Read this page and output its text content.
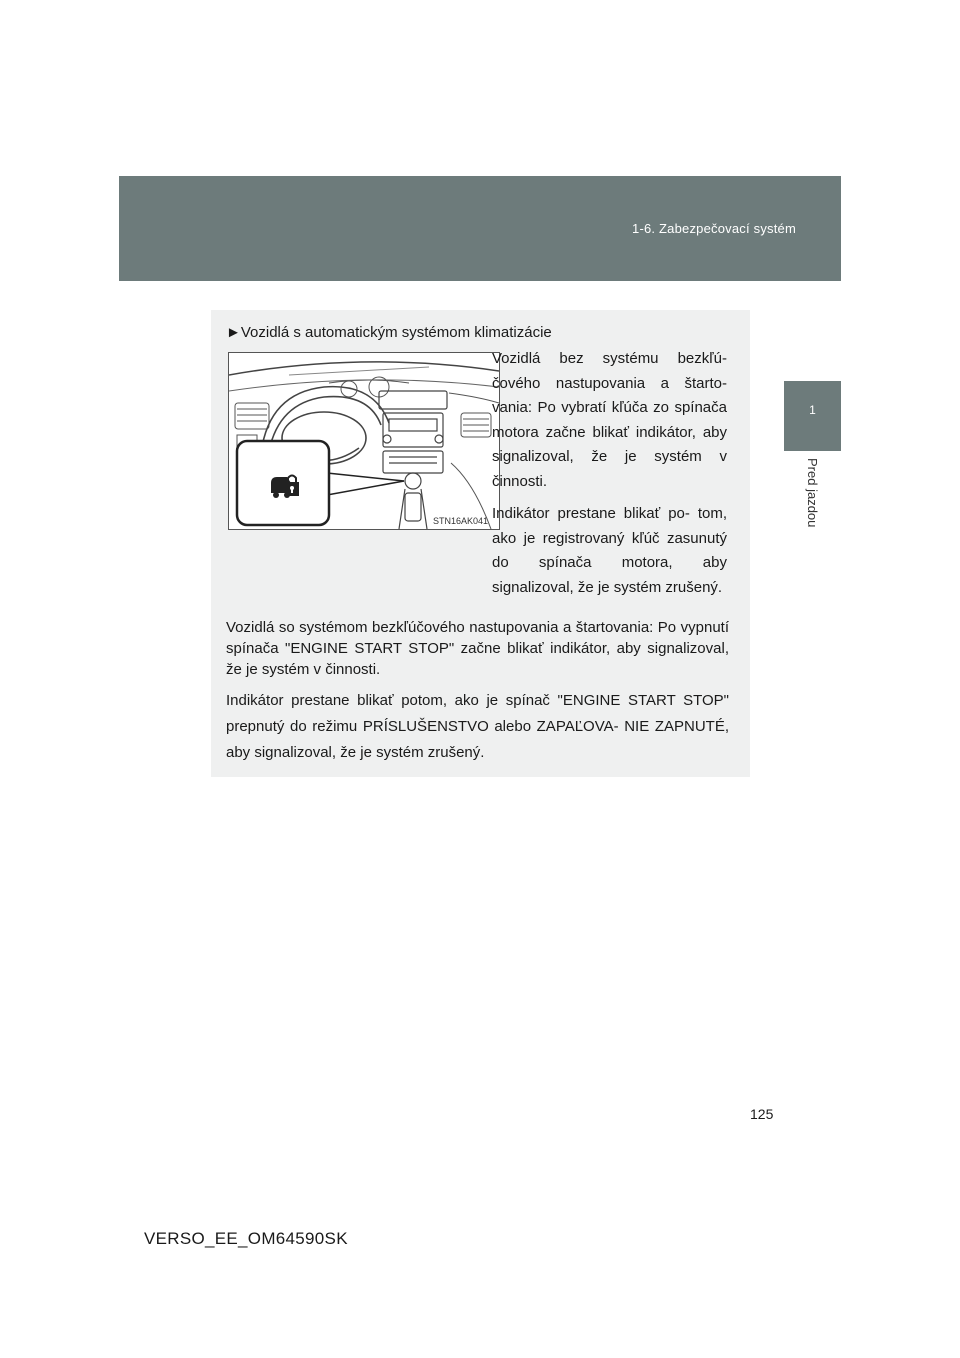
1-6. Zabezpečovací systém
1
Pred jazdou
►Vozidlá s automatickým systémom klimatizácie
STN16AK041

Vozidlá bez systému bezkľú- čového nastupovania a štarto- vania: Po vybratí kľúča zo spínača motora začne blikať indikátor, aby signalizoval, že je systém v činnosti.

Indikátor prestane blikať po- tom, ako je registrovaný kľúč zasunutý do spínača motora, aby signalizoval, že je systém zrušený.

Vozidlá so systémom bezkľúčového nastupovania a štartovania: Po vypnutí spínača "ENGINE START STOP" začne blikať indikátor, aby signalizoval, že je systém v činnosti.

Indikátor prestane blikať potom, ako je spínač "ENGINE START STOP" prepnutý do režimu PRÍSLUŠENSTVO alebo ZAPAĽOVA- NIE ZAPNUTÉ, aby signalizoval, že je systém zrušený.

125
VERSO_EE_OM64590SK
